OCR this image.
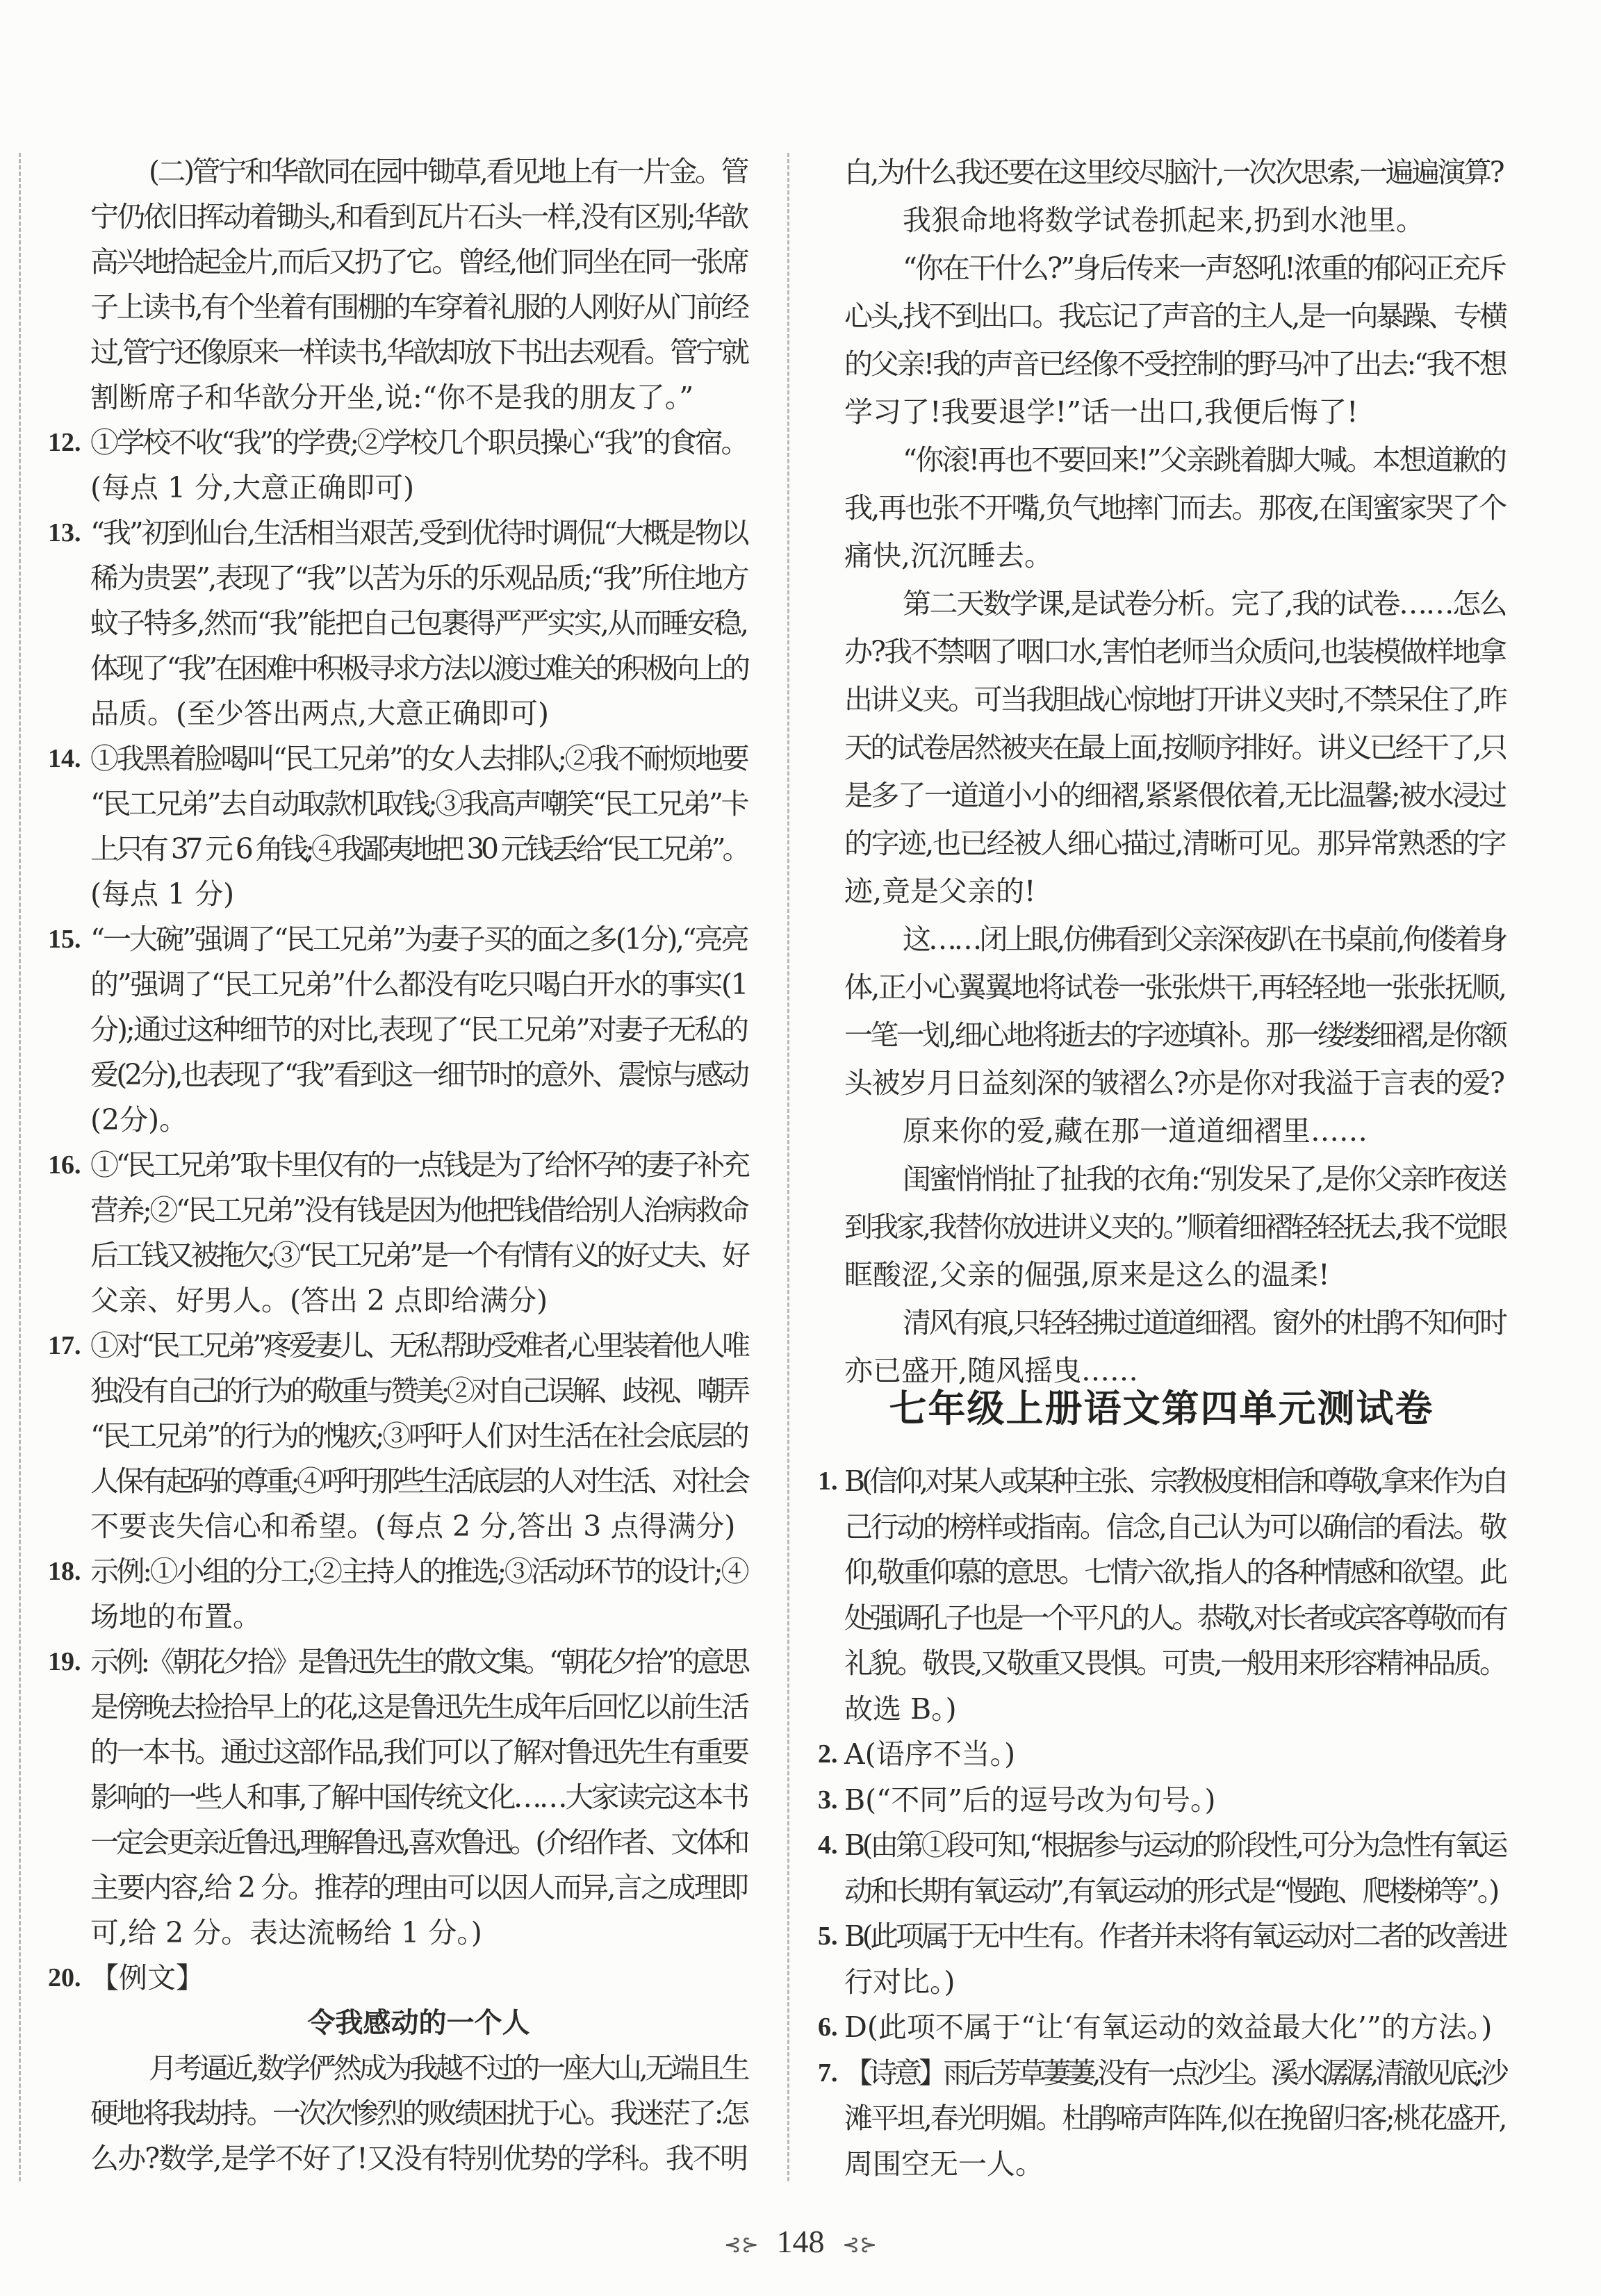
(二)管宁和华歆同在园中锄草,看见地上有一片金。管
宁仍依旧挥动着锄头,和看到瓦片石头一样,没有区别;华歆
高兴地拾起金片,而后又扔了它。曾经,他们同坐在同一张席
子上读书,有个坐着有围棚的车穿着礼服的人刚好从门前经
过,管宁还像原来一样读书,华歆却放下书出去观看。管宁就
割断席子和华歆分开坐,说:“你不是我的朋友了。”
12. ①学校不收“我”的学费;②学校几个职员操心“我”的食宿。
(每点 1 分,大意正确即可)
13. “我”初到仙台,生活相当艰苦,受到优待时调侃“大概是物以
稀为贵罢”,表现了“我”以苦为乐的乐观品质;“我”所住地方
蚊子特多,然而“我”能把自己包裹得严严实实,从而睡安稳,
体现了“我”在困难中积极寻求方法以渡过难关的积极向上的
品质。(至少答出两点,大意正确即可)
14. ①我黑着脸喝叫“民工兄弟”的女人去排队;②我不耐烦地要
“民工兄弟”去自动取款机取钱;③我高声嘲笑“民工兄弟”卡
上只有 37 元 6 角钱;④我鄙夷地把 30 元钱丢给“民工兄弟”。
(每点 1 分)
15. “一大碗”强调了“民工兄弟”为妻子买的面之多(1分),“亮亮
的”强调了“民工兄弟”什么都没有吃只喝白开水的事实(1
分);通过这种细节的对比,表现了“民工兄弟”对妻子无私的
爱(2分),也表现了“我”看到这一细节时的意外、震惊与感动
(2分)。
16. ①“民工兄弟”取卡里仅有的一点钱是为了给怀孕的妻子补充
营养;②“民工兄弟”没有钱是因为他把钱借给别人治病救命
后工钱又被拖欠;③“民工兄弟”是一个有情有义的好丈夫、好
父亲、好男人。(答出 2 点即给满分)
17. ①对“民工兄弟”疼爱妻儿、无私帮助受难者,心里装着他人唯
独没有自己的行为的敬重与赞美;②对自己误解、歧视、嘲弄
“民工兄弟”的行为的愧疚;③呼吁人们对生活在社会底层的
人保有起码的尊重;④呼吁那些生活底层的人对生活、对社会
不要丧失信心和希望。(每点 2 分,答出 3 点得满分)
18. 示例:①小组的分工;②主持人的推选;③活动环节的设计;④
场地的布置。
19. 示例:《朝花夕拾》是鲁迅先生的散文集。“朝花夕拾”的意思
是傍晚去捡拾早上的花,这是鲁迅先生成年后回忆以前生活
的一本书。通过这部作品,我们可以了解对鲁迅先生有重要
影响的一些人和事,了解中国传统文化……大家读完这本书
一定会更亲近鲁迅,理解鲁迅,喜欢鲁迅。(介绍作者、文体和
主要内容,给 2 分。推荐的理由可以因人而异,言之成理即
可,给 2 分。表达流畅给 1 分。)
20. 【例文】
令我感动的一个人
月考逼近,数学俨然成为我越不过的一座大山,无端且生
硬地将我劫持。一次次惨烈的败绩困扰于心。我迷茫了:怎
么办?数学,是学不好了!又没有特别优势的学科。我不明
白,为什么我还要在这里绞尽脑汁,一次次思索,一遍遍演算?
我狠命地将数学试卷抓起来,扔到水池里。
“你在干什么?”身后传来一声怒吼!浓重的郁闷正充斥
心头,找不到出口。我忘记了声音的主人,是一向暴躁、专横
的父亲!我的声音已经像不受控制的野马冲了出去:“我不想
学习了!我要退学!”话一出口,我便后悔了!
“你滚!再也不要回来!”父亲跳着脚大喊。本想道歉的
我,再也张不开嘴,负气地摔门而去。那夜,在闺蜜家哭了个
痛快,沉沉睡去。
第二天数学课,是试卷分析。完了,我的试卷……怎么
办?我不禁咽了咽口水,害怕老师当众质问,也装模做样地拿
出讲义夹。可当我胆战心惊地打开讲义夹时,不禁呆住了,昨
天的试卷居然被夹在最上面,按顺序排好。讲义已经干了,只
是多了一道道小小的细褶,紧紧偎依着,无比温馨;被水浸过
的字迹,也已经被人细心描过,清晰可见。那异常熟悉的字
迹,竟是父亲的!
这……闭上眼,仿佛看到父亲深夜趴在书桌前,佝偻着身
体,正小心翼翼地将试卷一张张烘干,再轻轻地一张张抚顺,
一笔一划,细心地将逝去的字迹填补。那一缕缕细褶,是你额
头被岁月日益刻深的皱褶么?亦是你对我溢于言表的爱?
原来你的爱,藏在那一道道细褶里……
闺蜜悄悄扯了扯我的衣角:“别发呆了,是你父亲昨夜送
到我家,我替你放进讲义夹的。”顺着细褶轻轻抚去,我不觉眼
眶酸涩,父亲的倔强,原来是这么的温柔!
清风有痕,只轻轻拂过道道细褶。窗外的杜鹃不知何时
亦已盛开,随风摇曳……
七年级上册语文第四单元测试卷
1. B(信仰,对某人或某种主张、宗教极度相信和尊敬,拿来作为自
己行动的榜样或指南。信念,自己认为可以确信的看法。敬
仰,敬重仰慕的意思。七情六欲,指人的各种情感和欲望。此
处强调孔子也是一个平凡的人。恭敬,对长者或宾客尊敬而有
礼貌。敬畏,又敬重又畏惧。可贵,一般用来形容精神品质。
故选 B。)
2. A(语序不当。)
3. B(“不同”后的逗号改为句号。)
4. B(由第①段可知,“根据参与运动的阶段性,可分为急性有氧运
动和长期有氧运动”,有氧运动的形式是“慢跑、爬楼梯等”。)
5. B(此项属于无中生有。作者并未将有氧运动对二者的改善进
行对比。)
6. D(此项不属于“让‘有氧运动的效益最大化’”的方法。)
7. 【诗意】雨后芳草萋萋,没有一点沙尘。溪水潺潺,清澈见底;沙
滩平坦,春光明媚。杜鹃啼声阵阵,似在挽留归客;桃花盛开,
周围空无一人。
⊰⊱ 148 ⊰⊱
